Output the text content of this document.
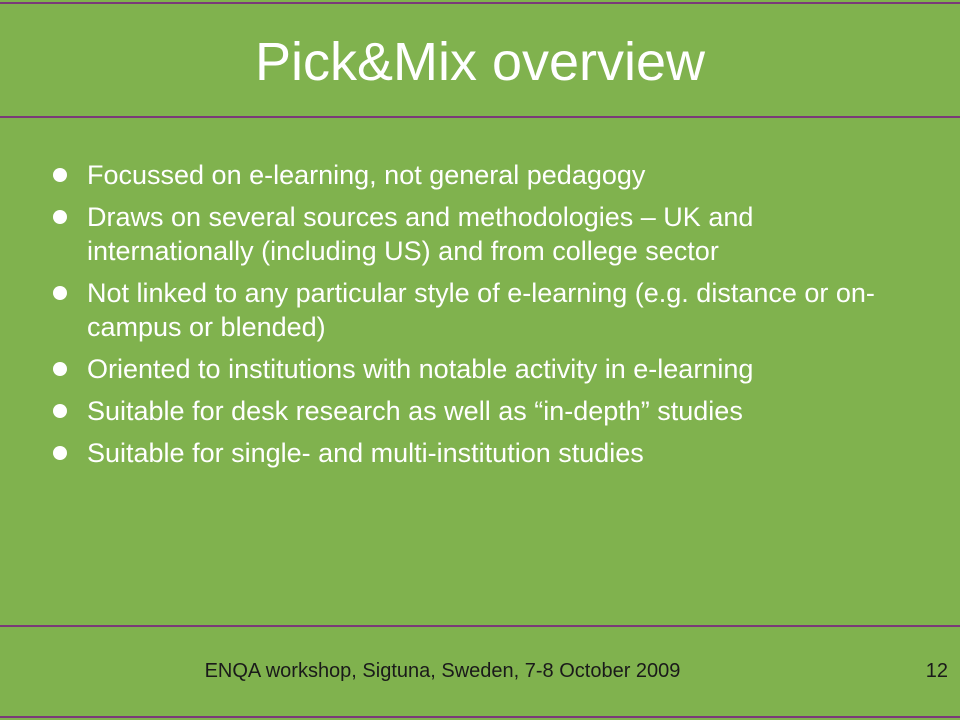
Pick&Mix overview
Focussed on e-learning, not general pedagogy
Draws on several sources and methodologies – UK and internationally (including US) and from college sector
Not linked to any particular style of e-learning (e.g. distance or on-campus or blended)
Oriented to institutions with notable activity in e-learning
Suitable for desk research as well as “in-depth” studies
Suitable for single- and multi-institution studies
ENQA workshop, Sigtuna, Sweden, 7-8 October 2009	12
